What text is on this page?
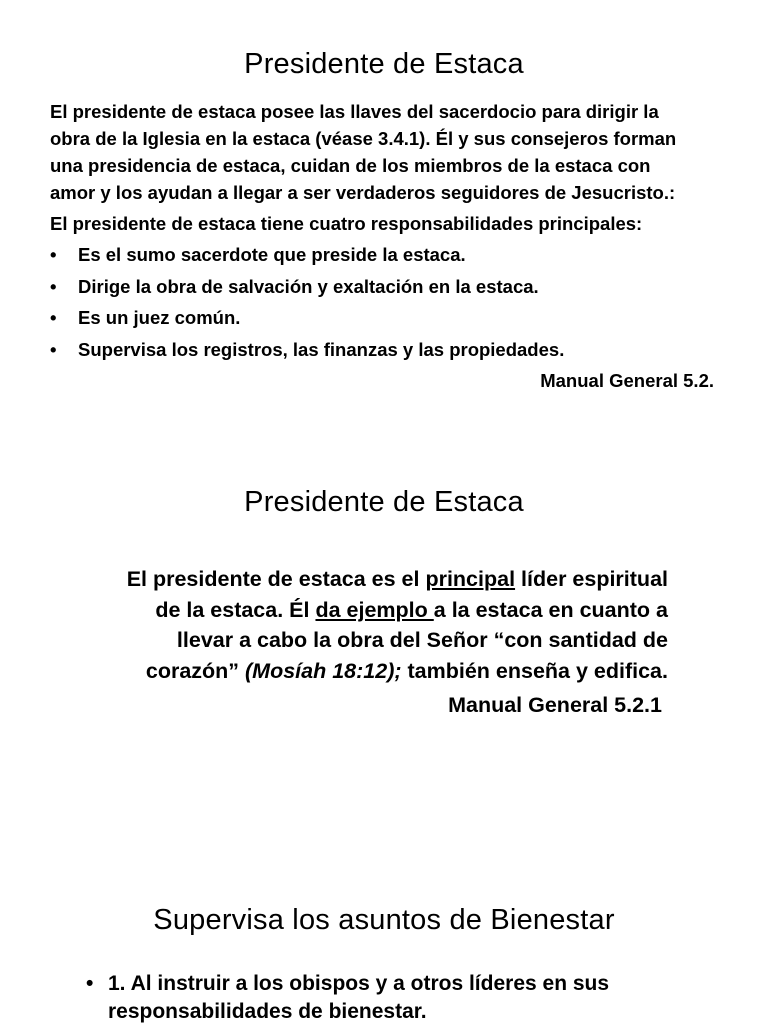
Presidente de Estaca
El presidente de estaca posee las llaves del sacerdocio para dirigir la
obra de la Iglesia en la estaca (véase 3.4.1). Él y sus consejeros forman
una presidencia de estaca, cuidan de los miembros de la estaca con
amor y los ayudan a llegar a ser verdaderos seguidores de Jesucristo.:
El presidente de estaca tiene cuatro responsabilidades principales:
• Es el sumo sacerdote que preside la estaca.
• Dirige la obra de salvación y exaltación en la estaca.
• Es un juez común.
• Supervisa los registros, las finanzas y las propiedades.
Manual General 5.2.
Presidente de Estaca
El presidente de estaca es el principal líder espiritual
de la estaca. Él da ejemplo a la estaca en cuanto a
llevar a cabo la obra del Señor “con santidad de
corazón” (Mosíah 18:12); también enseña y edifica.
Manual General 5.2.1
Supervisa los asuntos de Bienestar
• 1. Al instruir a los obispos y a otros líderes en sus
responsabilidades de bienestar.
